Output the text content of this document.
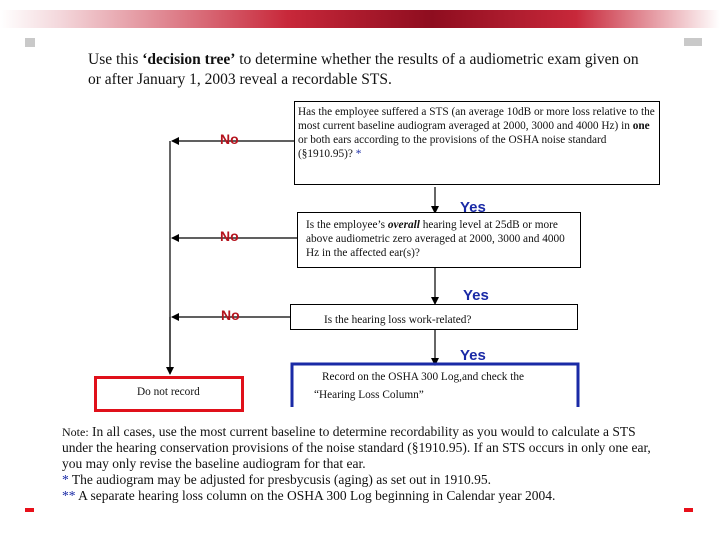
Use this ‘decision tree’ to determine whether the results of a audiometric exam given on or after January 1, 2003 reveal a recordable STS.
Has the employee suffered a STS (an average 10dB or more loss relative to the most current baseline audiogram averaged at 2000, 3000 and 4000 Hz) in one or both ears according to the provisions of the OSHA noise standard (§1910.95)? *
Is the employee’s overall hearing level at 25dB or more above audiometric zero averaged at 2000, 3000 and 4000 Hz in the affected ear(s)?
Is the hearing loss work-related?
Record on the OSHA 300 Log,and check the
“Hearing Loss Column”
Do not record
No
No
No
Yes
Yes
Yes
Note: In all cases, use the most current baseline to determine recordability as you would to calculate a STS under the hearing conservation provisions of the noise standard (§1910.95). If an STS occurs in only one ear, you may only revise the baseline audiogram for that ear.
* The audiogram may be adjusted for presbycusis (aging) as set out in 1910.95.
** A separate hearing loss column on the OSHA 300 Log beginning in Calendar year 2004.
